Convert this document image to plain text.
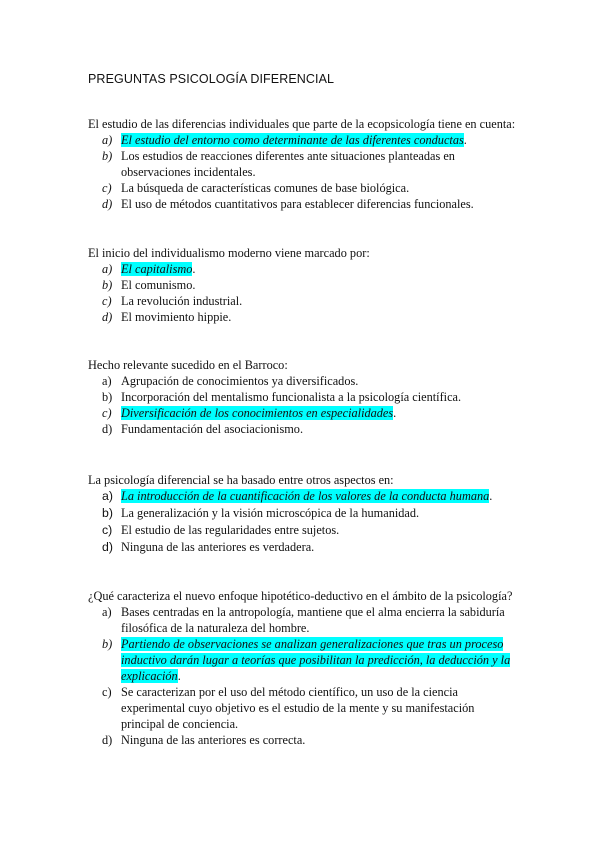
PREGUNTAS PSICOLOGÍA DIFERENCIAL
El estudio de las diferencias individuales que parte de la ecopsicología tiene en cuenta:
a) El estudio del entorno como determinante de las diferentes conductas.
b) Los estudios de reacciones diferentes ante situaciones planteadas en observaciones incidentales.
c) La búsqueda de características comunes de base biológica.
d) El uso de métodos cuantitativos para establecer diferencias funcionales.
El inicio del individualismo moderno viene marcado por:
a) El capitalismo.
b) El comunismo.
c) La revolución industrial.
d) El movimiento hippie.
Hecho relevante sucedido en el Barroco:
a) Agrupación de conocimientos ya diversificados.
b) Incorporación del mentalismo funcionalista a la psicología científica.
c) Diversificación de los conocimientos en especialidades.
d) Fundamentación del asociacionismo.
La psicología diferencial se ha basado entre otros aspectos en:
a) La introducción de la cuantificación de los valores de la conducta humana.
b) La generalización y la visión microscópica de la humanidad.
c) El estudio de las regularidades entre sujetos.
d) Ninguna de las anteriores es verdadera.
¿Qué caracteriza el nuevo enfoque hipotético-deductivo en el ámbito de la psicología?
a) Bases centradas en la antropología, mantiene que el alma encierra la sabiduría filosófica de la naturaleza del hombre.
b) Partiendo de observaciones se analizan generalizaciones que tras un proceso inductivo darán lugar a teorías que posibilitan la predicción, la deducción y la explicación.
c) Se caracterizan por el uso del método científico, un uso de la ciencia experimental cuyo objetivo es el estudio de la mente y su manifestación principal de conciencia.
d) Ninguna de las anteriores es correcta.
